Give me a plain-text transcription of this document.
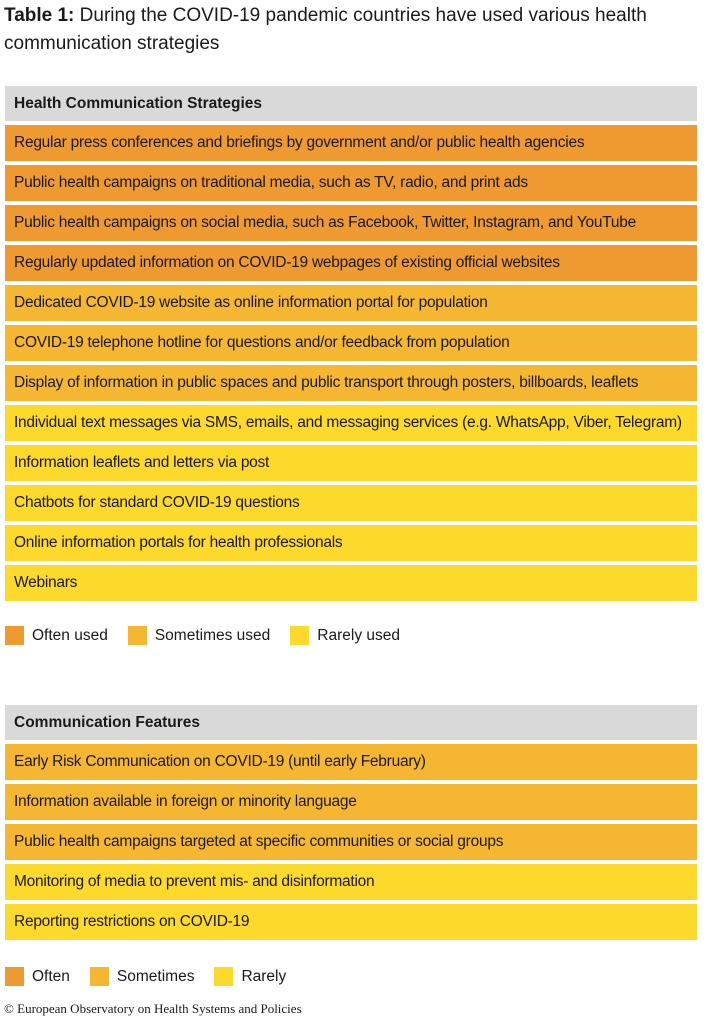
Table 1: During the COVID-19 pandemic countries have used various health communication strategies
Health Communication Strategies
Regular press conferences and briefings by government and/or public health agencies
Public health campaigns on traditional media, such as TV, radio, and print ads
Public health campaigns on social media, such as Facebook, Twitter, Instagram, and YouTube
Regularly updated information on COVID-19 webpages of existing official websites
Dedicated COVID-19 website as online information portal for population
COVID-19 telephone hotline for questions and/or feedback from population
Display of information in public spaces and public transport through posters, billboards, leaflets
Individual text messages via SMS, emails, and messaging services (e.g. WhatsApp, Viber, Telegram)
Information leaflets and letters via post
Chatbots for standard COVID-19 questions
Online information portals for health professionals
Webinars
Often used	Sometimes used	Rarely used
Communication Features
Early Risk Communication on COVID-19 (until early February)
Information available in foreign or minority language
Public health campaigns targeted at specific communities or social groups
Monitoring of media to prevent mis- and disinformation
Reporting restrictions on COVID-19
Often	Sometimes	Rarely
© European Observatory on Health Systems and Policies
